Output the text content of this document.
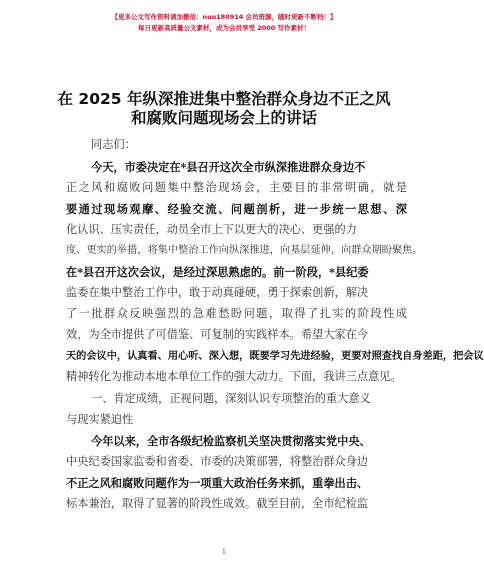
【更多公文写作资料请加微信：nuo180914 会员资源，随时更新不断档！】
每日更新高质量公文素材，成为会员享受 2000 写作素材！
在 2025 年纵深推进集中整治群众身边不正之风
和腐败问题现场会上的讲话
同志们：
今天，市委决定在*县召开这次全市纵深推进群众身边不
正之风和腐败问题集中整治现场会，主要目的非常明确，就是
要通过现场观摩、经验交流、问题剖析，进一步统一思想、深
化认识、压实责任，动员全市上下以更大的决心、更强的力
度、更实的举措，将集中整治工作向纵深推进，向基层延伸，向群众期盼聚焦。
在*县召开这次会议，是经过深思熟虑的。前一阶段，*县纪委
监委在集中整治工作中，敢于动真碰硬，勇于探索创新，解决
了一批群众反映强烈的急难愁盼问题，取得了扎实的阶段性成
效，为全市提供了可借鉴、可复制的实践样本。希望大家在今
天的会议中，认真看、用心听、深入想，既要学习先进经验，更要对照查找自身差距，把会议
精神转化为推动本地本单位工作的强大动力。下面，我讲三点意见。
一、肯定成绩，正视问题，深刻认识专项整治的重大意义
与现实紧迫性
今年以来，全市各级纪检监察机关坚决贯彻落实党中央、
中央纪委国家监委和省委、市委的决策部署，将整治群众身边
不正之风和腐败问题作为一项重大政治任务来抓，重拳出击、
标本兼治，取得了显著的阶段性成效。截至目前，全市纪检监
1
